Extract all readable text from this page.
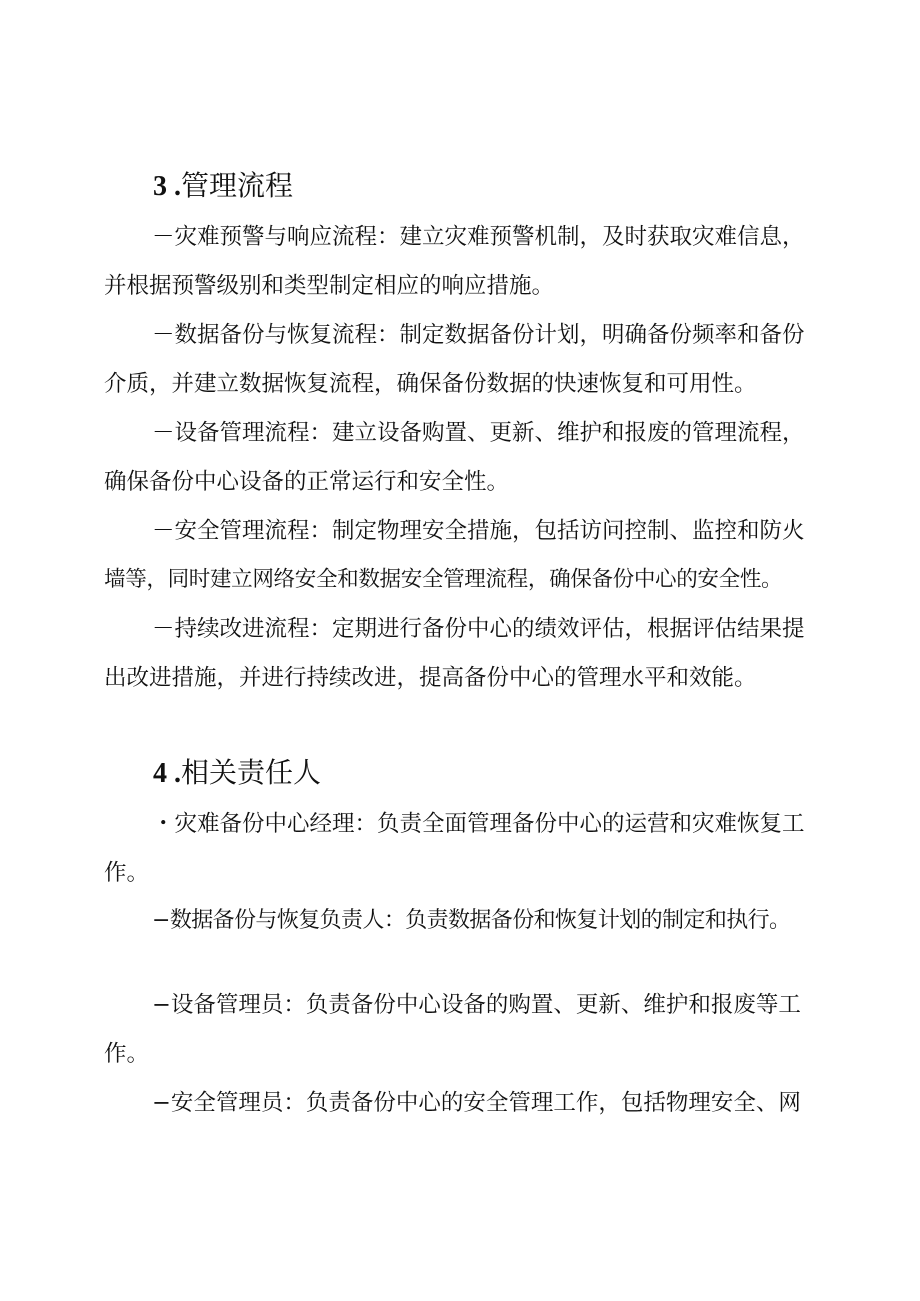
3 .管理流程

－灾难预警与响应流程：建立灾难预警机制，及时获取灾难信息，

并根据预警级别和类型制定相应的响应措施。

－数据备份与恢复流程：制定数据备份计划，明确备份频率和备份

介质，并建立数据恢复流程，确保备份数据的快速恢复和可用性。

－设备管理流程：建立设备购置、更新、维护和报废的管理流程，

确保备份中心设备的正常运行和安全性。

－安全管理流程：制定物理安全措施，包括访问控制、监控和防火

墙等，同时建立网络安全和数据安全管理流程，确保备份中心的安全性。

－持续改进流程：定期进行备份中心的绩效评估，根据评估结果提

出改进措施，并进行持续改进，提高备份中心的管理水平和效能。

4 .相关责任人

・灾难备份中心经理：负责全面管理备份中心的运营和灾难恢复工

作。

−数据备份与恢复负责人：负责数据备份和恢复计划的制定和执行。

−设备管理员：负责备份中心设备的购置、更新、维护和报废等工

作。

−安全管理员：负责备份中心的安全管理工作，包括物理安全、网
